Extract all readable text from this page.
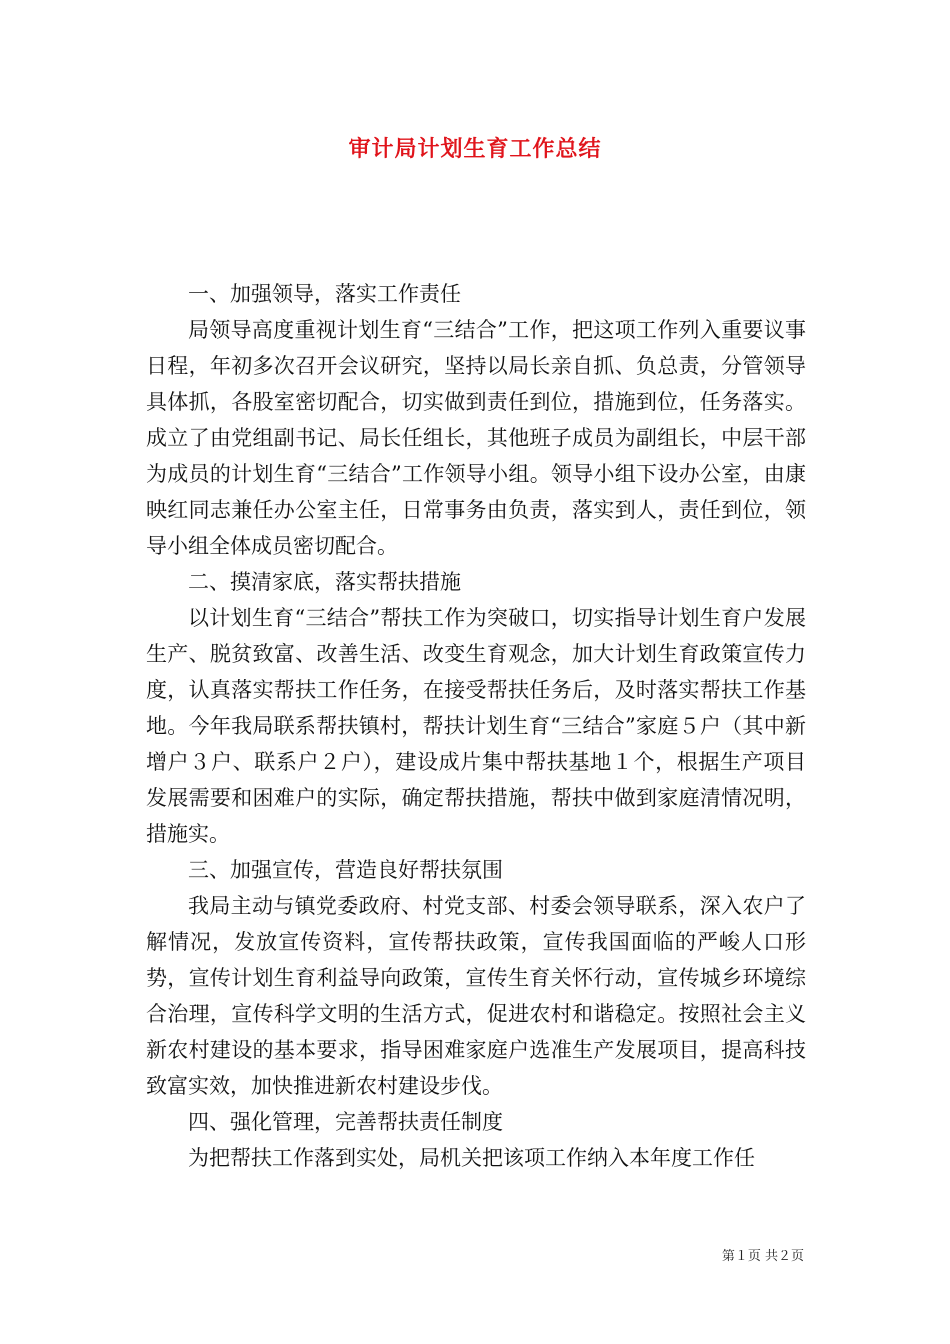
审计局计划生育工作总结

一、加强领导，落实工作责任

局领导高度重视计划生育“三结合”工作，把这项工作列入重要议事日程，年初多次召开会议研究，坚持以局长亲自抓、负总责，分管领导具体抓，各股室密切配合，切实做到责任到位，措施到位，任务落实。成立了由党组副书记、局长任组长，其他班子成员为副组长，中层干部为成员的计划生育“三结合”工作领导小组。领导小组下设办公室，由康映红同志兼任办公室主任，日常事务由负责，落实到人，责任到位，领导小组全体成员密切配合。

二、摸清家底，落实帮扶措施

以计划生育“三结合”帮扶工作为突破口，切实指导计划生育户发展生产、脱贫致富、改善生活、改变生育观念，加大计划生育政策宣传力度，认真落实帮扶工作任务，在接受帮扶任务后，及时落实帮扶工作基地。今年我局联系帮扶镇村，帮扶计划生育“三结合”家庭５户（其中新增户３户、联系户２户），建设成片集中帮扶基地１个，根据生产项目发展需要和困难户的实际，确定帮扶措施，帮扶中做到家庭清情况明，措施实。

三、加强宣传，营造良好帮扶氛围

我局主动与镇党委政府、村党支部、村委会领导联系，深入农户了解情况，发放宣传资料，宣传帮扶政策，宣传我国面临的严峻人口形势，宣传计划生育利益导向政策，宣传生育关怀行动，宣传城乡环境综合治理，宣传科学文明的生活方式，促进农村和谐稳定。按照社会主义新农村建设的基本要求，指导困难家庭户选准生产发展项目，提高科技致富实效，加快推进新农村建设步伐。

四、强化管理，完善帮扶责任制度

为把帮扶工作落到实处，局机关把该项工作纳入本年度工作任

第１页 共２页
